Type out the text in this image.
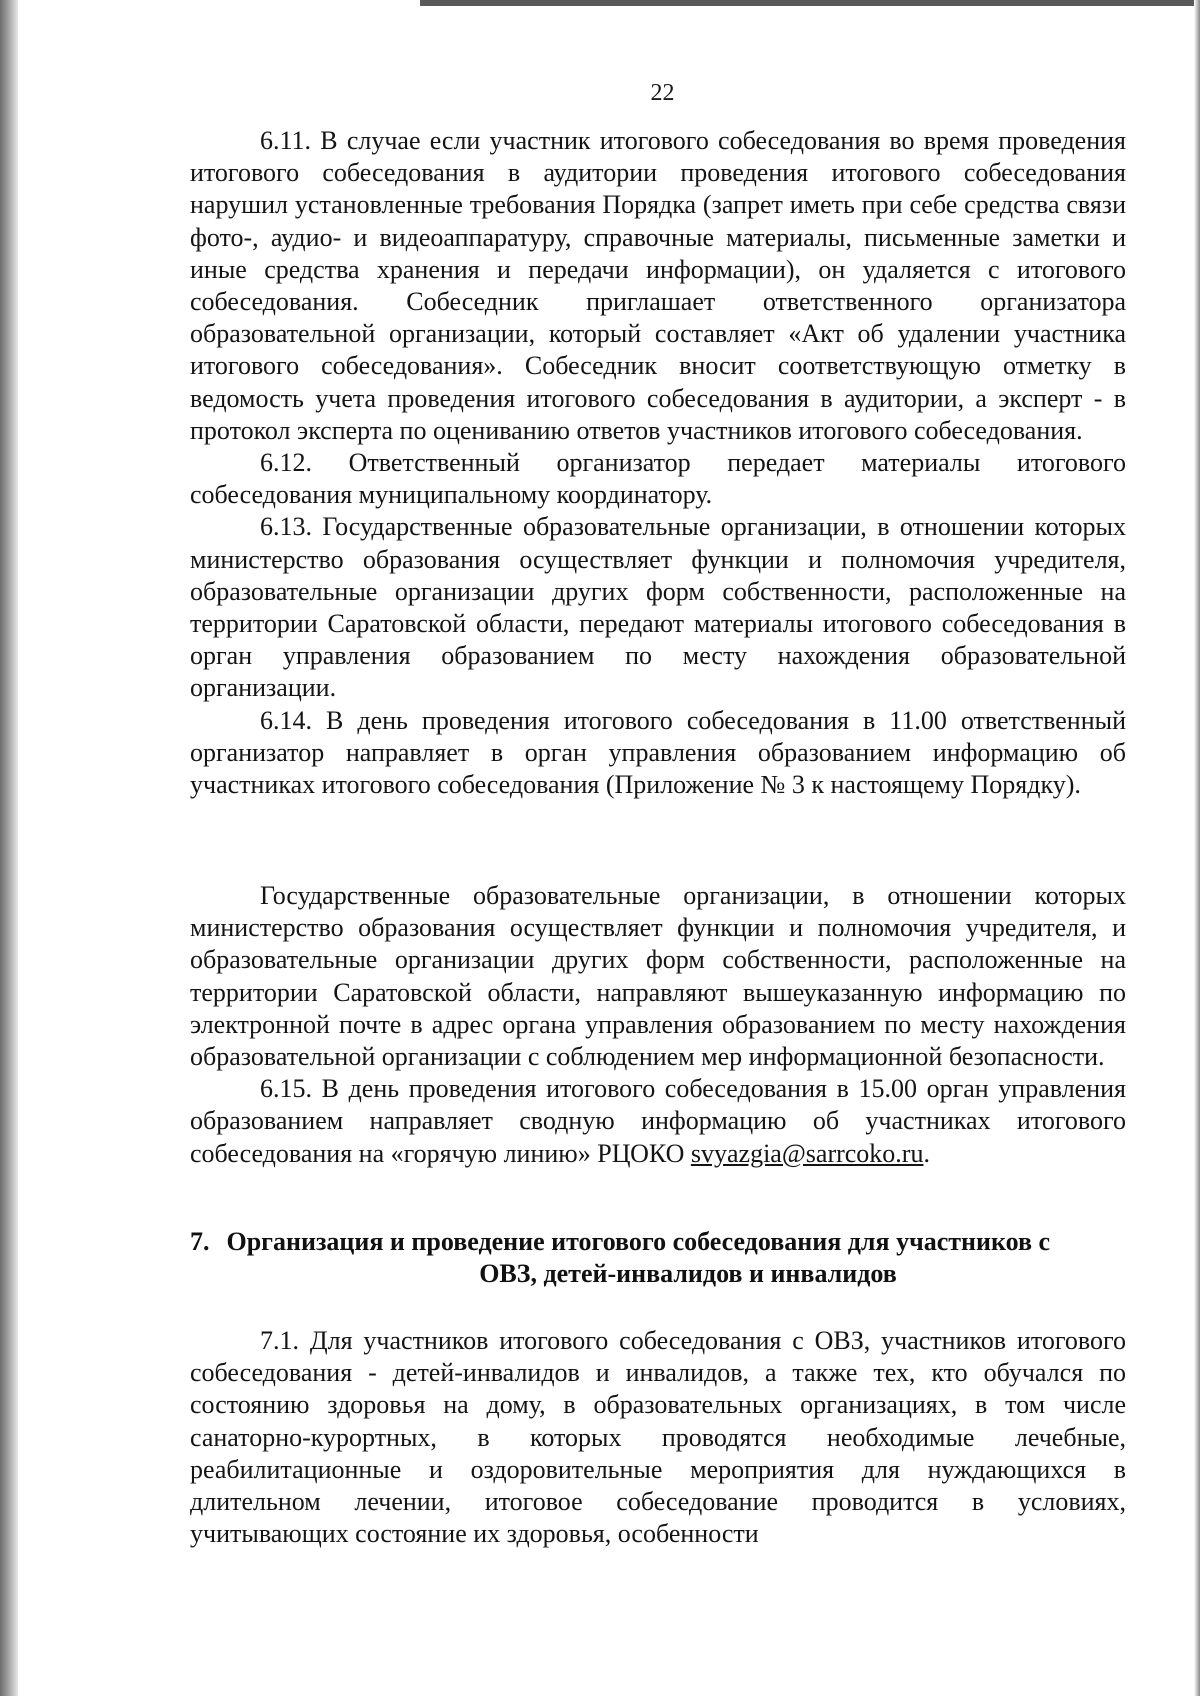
22

6.11. В случае если участник итогового собеседования во время проведения итогового собеседования в аудитории проведения итогового собеседования нарушил установленные требования Порядка (запрет иметь при себе средства связи фото-, аудио- и видеоаппаратуру, справочные материалы, письменные заметки и иные средства хранения и передачи информации), он удаляется с итогового собеседования. Собеседник приглашает ответственного организатора образовательной организации, который составляет «Акт об удалении участника итогового собеседования». Собеседник вносит соответствующую отметку в ведомость учета проведения итогового собеседования в аудитории, а эксперт - в протокол эксперта по оцениванию ответов участников итогового собеседования.

6.12. Ответственный организатор передает материалы итогового собеседования муниципальному координатору.

6.13. Государственные образовательные организации, в отношении которых министерство образования осуществляет функции и полномочия учредителя, образовательные организации других форм собственности, расположенные на территории Саратовской области, передают материалы итогового собеседования в орган управления образованием по месту нахождения образовательной организации.

6.14. В день проведения итогового собеседования в 11.00 ответственный организатор направляет в орган управления образованием информацию об участниках итогового собеседования (Приложение № 3 к настоящему Порядку).

Государственные образовательные организации, в отношении которых министерство образования осуществляет функции и полномочия учредителя, и образовательные организации других форм собственности, расположенные на территории Саратовской области, направляют вышеуказанную информацию по электронной почте в адрес органа управления образованием по месту нахождения образовательной организации с соблюдением мер информационной безопасности.

6.15. В день проведения итогового собеседования в 15.00 орган управления образованием направляет сводную информацию об участниках итогового собеседования на «горячую линию» РЦОКО svyazgia@sarrcoko.ru.

7. Организация и проведение итогового собеседования для участников с
ОВЗ, детей-инвалидов и инвалидов

7.1. Для участников итогового собеседования с ОВЗ, участников итогового собеседования - детей-инвалидов и инвалидов, а также тех, кто обучался по состоянию здоровья на дому, в образовательных организациях, в том числе санаторно-курортных, в которых проводятся необходимые лечебные, реабилитационные и оздоровительные мероприятия для нуждающихся в длительном лечении, итоговое собеседование проводится в условиях, учитывающих состояние их здоровья, особенности
